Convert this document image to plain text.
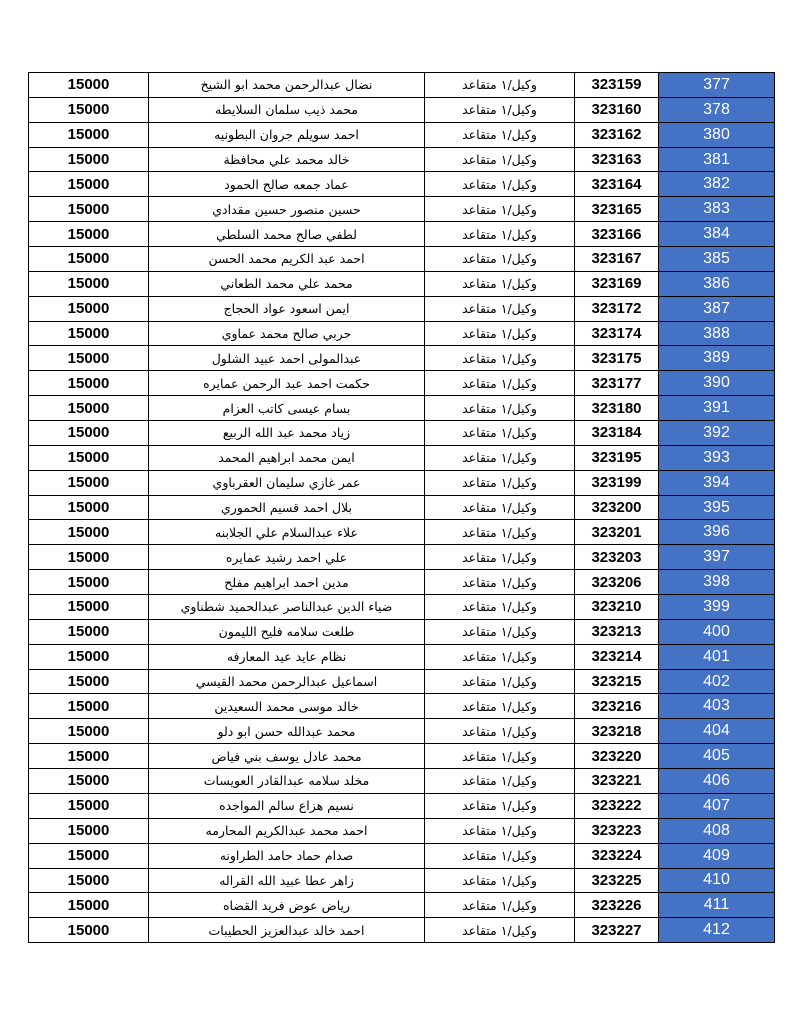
15000	نضال عبدالرحمن محمد ابو الشيخ	وكيل/١ متقاعد	323159	377
15000	محمد ذيب سلمان السلايطه	وكيل/١ متقاعد	323160	378
15000	احمد سويلم جروان البطونيه	وكيل/١ متقاعد	323162	380
15000	خالد محمد علي محافظة	وكيل/١ متقاعد	323163	381
15000	عماد جمعه صالح الحمود	وكيل/١ متقاعد	323164	382
15000	حسين منصور حسين مقدادي	وكيل/١ متقاعد	323165	383
15000	لطفي صالح محمد السلطي	وكيل/١ متقاعد	323166	384
15000	احمد عبد الكريم محمد الحسن	وكيل/١ متقاعد	323167	385
15000	محمد علي محمد الطعاني	وكيل/١ متقاعد	323169	386
15000	ايمن اسعود عواد الحجاج	وكيل/١ متقاعد	323172	387
15000	حربي صالح محمد عماوي	وكيل/١ متقاعد	323174	388
15000	عبدالمولى احمد عبيد الشلول	وكيل/١ متقاعد	323175	389
15000	حكمت احمد عبد الرحمن عمايره	وكيل/١ متقاعد	323177	390
15000	بسام عيسى كاتب العزام	وكيل/١ متقاعد	323180	391
15000	زياد محمد عبد الله الربيع	وكيل/١ متقاعد	323184	392
15000	ايمن محمد ابراهيم المحمد	وكيل/١ متقاعد	323195	393
15000	عمر غازي سليمان العقرباوي	وكيل/١ متقاعد	323199	394
15000	بلال احمد قسيم الحموري	وكيل/١ متقاعد	323200	395
15000	علاء عبدالسلام علي الجلابنه	وكيل/١ متقاعد	323201	396
15000	علي احمد رشيد عمايره	وكيل/١ متقاعد	323203	397
15000	مدين احمد ابراهيم مفلح	وكيل/١ متقاعد	323206	398
15000	ضياء الدين عبدالناصر عبدالحميد شطناوي	وكيل/١ متقاعد	323210	399
15000	طلعت سلامه فليح الليمون	وكيل/١ متقاعد	323213	400
15000	نظام عايد عيد المعارفه	وكيل/١ متقاعد	323214	401
15000	اسماعيل عبدالرحمن محمد القيسي	وكيل/١ متقاعد	323215	402
15000	خالد موسى محمد السعيدين	وكيل/١ متقاعد	323216	403
15000	محمد عبدالله حسن ابو دلو	وكيل/١ متقاعد	323218	404
15000	محمد عادل يوسف بني فياض	وكيل/١ متقاعد	323220	405
15000	مخلد سلامه عبدالقادر العويسات	وكيل/١ متقاعد	323221	406
15000	نسيم هزاع سالم المواجده	وكيل/١ متقاعد	323222	407
15000	احمد محمد عبدالكريم المحارمه	وكيل/١ متقاعد	323223	408
15000	صدام حماد حامد الطراونه	وكيل/١ متقاعد	323224	409
15000	زاهر عطا عبيد الله القراله	وكيل/١ متقاعد	323225	410
15000	رياض عوض فريد القضاه	وكيل/١ متقاعد	323226	411
15000	احمد خالد عبدالعزيز الحطيبات	وكيل/١ متقاعد	323227	412
